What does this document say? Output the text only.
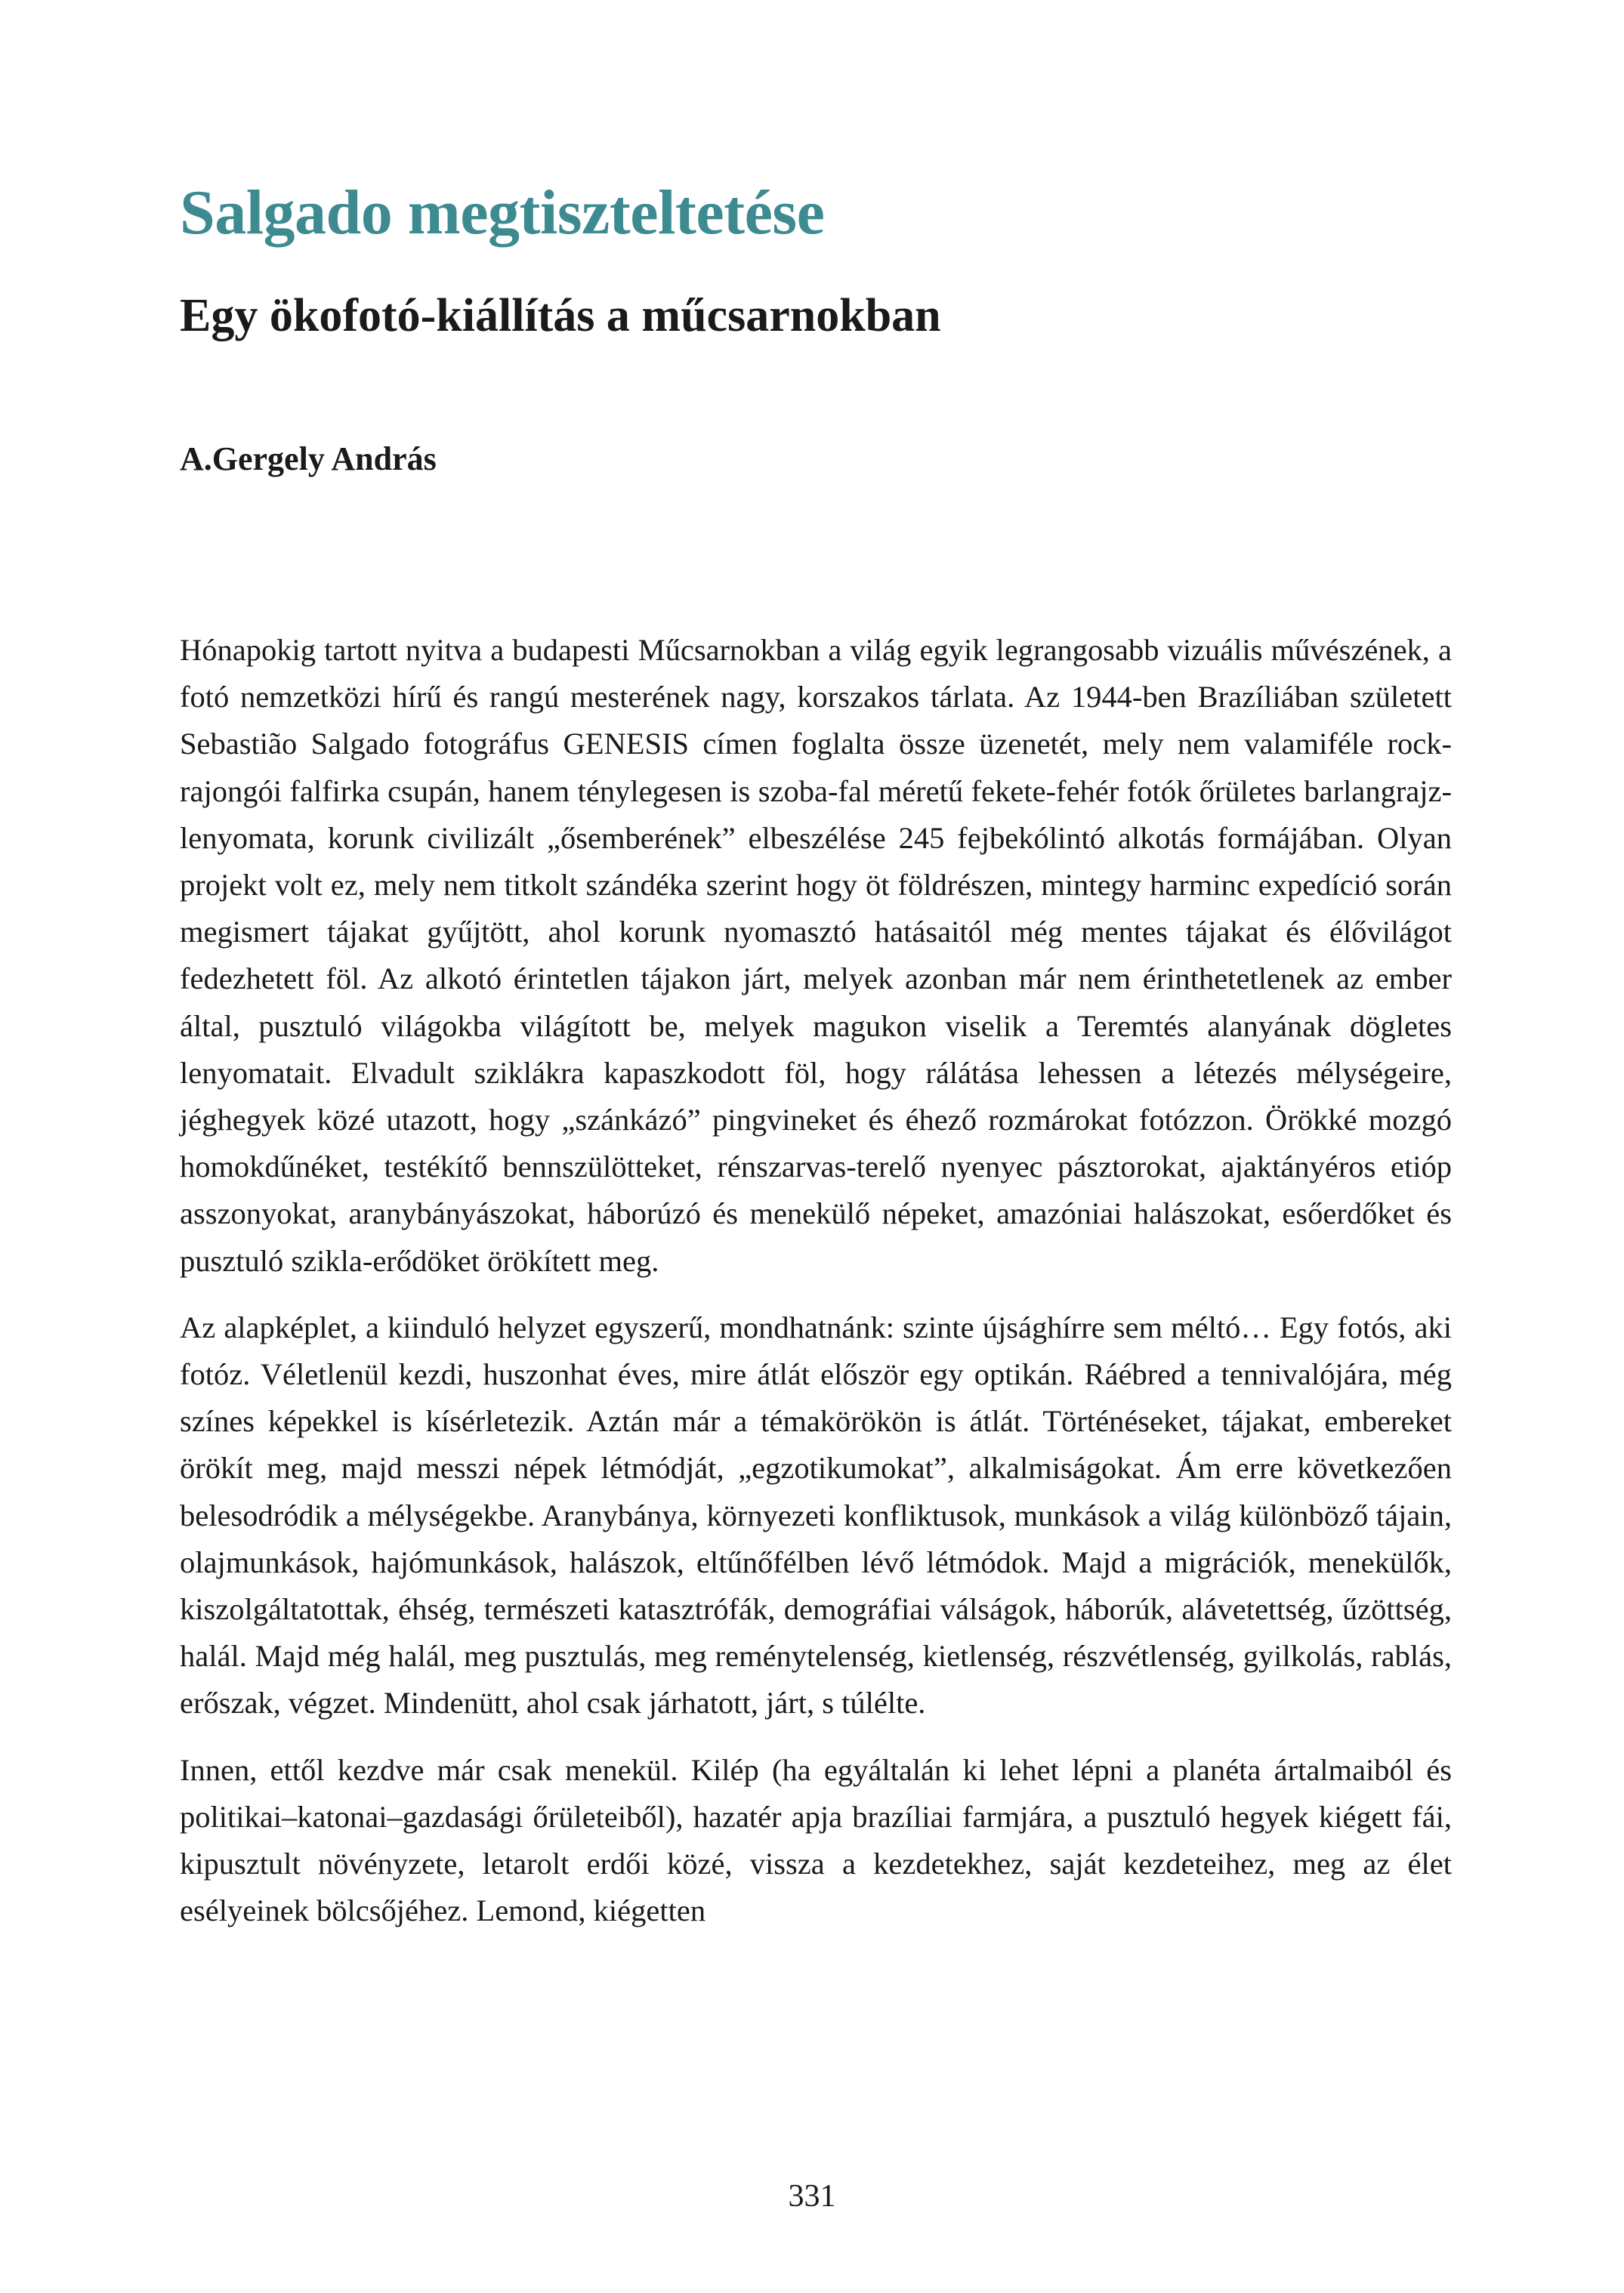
Salgado megtiszteltetése
Egy ökofotó-kiállítás a műcsarnokban

A.Gergely András

Hónapokig tartott nyitva a budapesti Műcsarnokban a világ egyik legrangosabb vizuális művészének, a fotó nemzetközi hírű és rangú mesterének nagy, korszakos tárlata. Az 1944-ben Brazíliában született Sebastião Salgado fotográfus GENESIS címen foglalta össze üzenetét, mely nem valamiféle rock-rajongói falfirka csupán, hanem ténylegesen is szoba-fal méretű fekete-fehér fotók őrületes barlangrajz-lenyomata, korunk civilizált „ősemberének” elbeszélése 245 fejbekólintó alkotás formájában. Olyan projekt volt ez, mely nem titkolt szándéka szerint hogy öt földrészen, mintegy harminc expedíció során megismert tájakat gyűjtött, ahol korunk nyomasztó hatásaitól még mentes tájakat és élővilágot fedezhetett föl. Az alkotó érintetlen tájakon járt, melyek azonban már nem érinthetetlenek az ember által, pusztuló világokba világított be, melyek magukon viselik a Teremtés alanyának dögletes lenyomatait. Elvadult sziklákra kapaszkodott föl, hogy rálátása lehessen a létezés mélységeire, jéghegyek közé utazott, hogy „szánkázó” pingvineket és éhező rozmárokat fotózzon. Örökké mozgó homokdűnéket, testékítő bennszülötteket, rénszarvas-terelő nyenyec pásztorokat, ajaktányéros etióp asszonyokat, aranybányászokat, háborúzó és menekülő népeket, amazóniai halászokat, esőerdőket és pusztuló szikla-erődöket örökített meg.

Az alapképlet, a kiinduló helyzet egyszerű, mondhatnánk: szinte újsághírre sem méltó… Egy fotós, aki fotóz. Véletlenül kezdi, huszonhat éves, mire átlát először egy optikán. Ráébred a tennivalójára, még színes képekkel is kísérletezik. Aztán már a témakörökön is átlát. Történéseket, tájakat, embereket örökít meg, majd messzi népek létmódját, „egzotikumokat”, alkalmiságokat. Ám erre következően belesodródik a mélységekbe. Aranybánya, környezeti konfliktusok, munkások a világ különböző tájain, olajmunkások, hajómunkások, halászok, eltűnőfélben lévő létmódok. Majd a migrációk, menekülők, kiszolgáltatottak, éhség, természeti katasztrófák, demográfiai válságok, háborúk, alávetettség, űzöttség, halál. Majd még halál, meg pusztulás, meg reménytelenség, kietlenség, részvétlenség, gyilkolás, rablás, erőszak, végzet. Mindenütt, ahol csak járhatott, járt, s túlélte.

Innen, ettől kezdve már csak menekül. Kilép (ha egyáltalán ki lehet lépni a planéta ártalmaiból és politikai–katonai–gazdasági őrületeiből), hazatér apja brazíliai farmjára, a pusztuló hegyek kiégett fái, kipusztult növényzete, letarolt erdői közé, vissza a kezdetekhez, saját kezdeteihez, meg az élet esélyeinek bölcsőjéhez. Lemond, kiégetten

331
